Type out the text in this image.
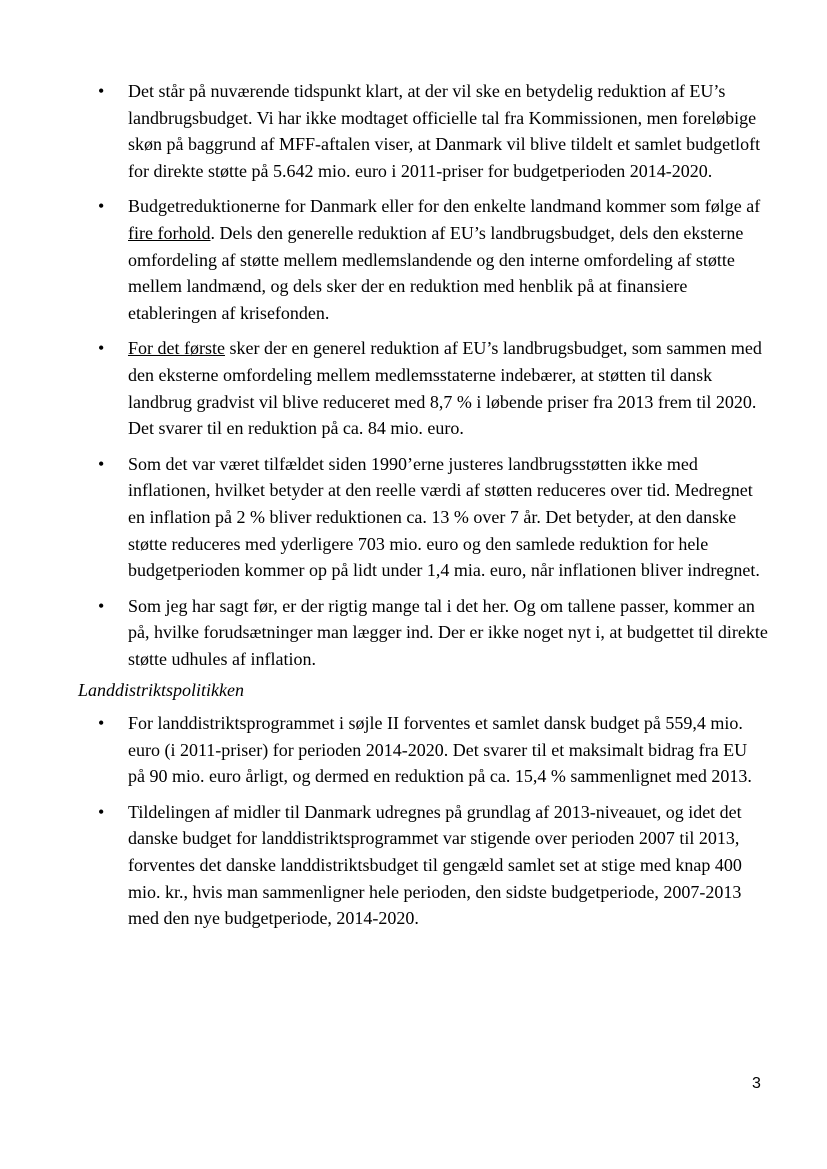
• Det står på nuværende tidspunkt klart, at der vil ske en betydelig reduktion af EU’s landbrugsbudget. Vi har ikke modtaget officielle tal fra Kommissionen, men foreløbige skøn på baggrund af MFF-aftalen viser, at Danmark vil blive tildelt et samlet budgetloft for direkte støtte på 5.642 mio. euro i 2011-priser for budgetperioden 2014-2020.
• Budgetreduktionerne for Danmark eller for den enkelte landmand kommer som følge af fire forhold. Dels den generelle reduktion af EU’s landbrugsbudget, dels den eksterne omfordeling af støtte mellem medlemslandende og den interne omfordeling af støtte mellem landmænd, og dels sker der en reduktion med henblik på at finansiere etableringen af krisefonden.
• For det første sker der en generel reduktion af EU’s landbrugsbudget, som sammen med den eksterne omfordeling mellem medlemsstaterne indebærer, at støtten til dansk landbrug gradvist vil blive reduceret med 8,7 % i løbende priser fra 2013 frem til 2020. Det svarer til en reduktion på ca. 84 mio. euro.
• Som det var været tilfældet siden 1990’erne justeres landbrugsstøtten ikke med inflationen, hvilket betyder at den reelle værdi af støtten reduceres over tid. Medregnet en inflation på 2 % bliver reduktionen ca. 13 % over 7 år. Det betyder, at den danske støtte reduceres med yderligere 703 mio. euro og den samlede reduktion for hele budgetperioden kommer op på lidt under 1,4 mia. euro, når inflationen bliver indregnet.
• Som jeg har sagt før, er der rigtig mange tal i det her. Og om tallene passer, kommer an på, hvilke forudsætninger man lægger ind. Der er ikke noget nyt i, at budgettet til direkte støtte udhules af inflation.
Landdistriktspolitikken
• For landdistriktsprogrammet i søjle II forventes et samlet dansk budget på 559,4 mio. euro (i 2011-priser) for perioden 2014-2020. Det svarer til et maksimalt bidrag fra EU på 90 mio. euro årligt, og dermed en reduktion på ca. 15,4 % sammenlignet med 2013.
• Tildelingen af midler til Danmark udregnes på grundlag af 2013-niveauet, og idet det danske budget for landdistriktsprogrammet var stigende over perioden 2007 til 2013, forventes det danske landdistriktsbudget til gengæld samlet set at stige med knap 400 mio. kr., hvis man sammenligner hele perioden, den sidste budgetperiode, 2007-2013 med den nye budgetperiode, 2014-2020.
3
